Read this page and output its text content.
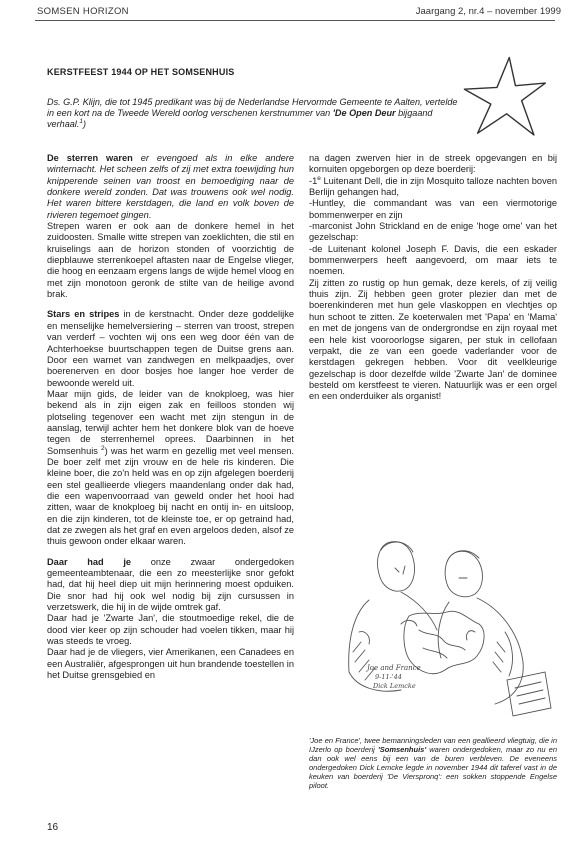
SOMSEN HORIZON	Jaargang 2, nr.4 – november 1999
KERSTFEEST 1944 OP HET SOMSENHUIS
Ds. G.P. Klijn, die tot 1945 predikant was bij de Nederlandse Hervormde Gemeente te Aalten, vertelde in een kort na de Tweede Wereld oorlog verschenen kerstnummer van 'De Open Deur bijgaand verhaal.$^1$)

De sterren waren er evengoed als in elke andere winternacht. Het scheen zelfs of zij met extra toewijding hun knipperende seinen van troost en bemoediging naar de donkere wereld zonden. Dat was trouwens ook wel nodig. Het waren bittere kerstdagen, die land en volk boven de rivieren tegemoet gingen.

Strepen waren er ook aan de donkere hemel in het zuidoosten. Smalle witte strepen van zoeklichten, die stil en kruiselings aan de horizon stonden of voorzichtig de diepblauwe sterrenkoepel aftasten naar de Engelse vlieger, die hoog en eenzaam ergens langs de wijde hemel vloog en met zijn monotoon geronk de stilte van de heilige avond brak.

Stars en stripes in de kerstnacht. Onder deze goddelijke en menselijke hemelversiering – sterren van troost, strepen van verderf – vochten wij ons een weg door één van de Achterhoekse buurtschappen tegen de Duitse grens aan. Door een warnet van zandwegen en melkpaadjes, over boerenerven en door bosjes hoe langer hoe verder de bewoonde wereld uit.

Maar mijn gids, de leider van de knokploeg, was hier bekend als in zijn eigen zak en feilloos stonden wij plotseling tegenover een wacht met zijn stengun in de aanslag, terwijl achter hem het donkere blok van de hoeve tegen de sterrenhemel oprees. Daarbinnen in het Somsenhuis $^2$) was het warm en gezellig met veel mensen. De boer zelf met zijn vrouw en de hele ris kinderen. Die kleine boer, die zo'n held was en op zijn afgelegen boerderij een stel geallieerde vliegers maandenlang onder dak had, die een wapenvoorraad van geweld onder het hooi had zitten, waar de knokploeg bij nacht en ontij in- en uitsloop, en die zijn kinderen, tot de kleinste toe, er op getraind had, dat ze zwegen als het graf en even argeloos deden, alsof ze thuis gewoon onder elkaar waren.

Daar had je onze zwaar ondergedoken gemeenteambtenaar, die een zo meesterlijke snor gefokt had, dat hij heel diep uit mijn herinnering moest opduiken. Die snor had hij ook wel nodig bij zijn cursussen in verzetswerk, die hij in de wijde omtrek gaf.

Daar had je 'Zwarte Jan', die stoutmoedige rekel, die de dood vier keer op zijn schouder had voelen tikken, maar hij was steeds te vroeg.

Daar had je de vliegers, vier Amerikanen, een Canadees en een Australiër, afgesprongen uit hun brandende toestellen in het Duitse grensgebied en

na dagen zwerven hier in de streek opgevangen en bij kornuiten opgeborgen op deze boerderij:

-1e Luitenant Dell, die in zijn Mosquito talloze nachten boven Berlijn gehangen had,

-Huntley, die commandant was van een viermotorige bommenwerper en zijn

-marconist John Strickland en de enige 'hoge ome' van het gezelschap:

-de Luitenant kolonel Joseph F. Davis, die een eskader bommenwerpers heeft aangevoerd, om maar iets te noemen.

Zij zitten zo rustig op hun gemak, deze kerels, of zij veilig thuis zijn. Zij hebben geen groter plezier dan met de boerenkinderen met hun gele vlaskoppen en vlechtjes op hun schoot te zitten. Ze koeterwalen met 'Papa' en 'Mama' en met de jongens van de ondergrondse en zijn royaal met een hele kist vooroorlogse sigaren, per stuk in cellofaan verpakt, die ze van een goede vaderlander voor de kerstdagen gekregen hebben. Voor dit veelkleurige gezelschap is door dezelfde wilde 'Zwarte Jan' de dominee besteld om kerstfeest te vieren. Natuurlijk was er een orgel en een onderduiker als organist!

Joe and France
9-11-'44
Dick Lemcke
'Joe en France', twee bemanningsleden van een geallieerd vliegtuig, die in IJzerlo op boerderij 'Somsenhuis' waren ondergedoken, maar zo nu en dan ook wel eens bij een van de buren verbleven. De eveneens ondergedoken Dick Lemcke legde in november 1944 dit taferel vast in de keuken van boerderij 'De Vierspronq': een sokken stoppende Engelse piloot.
16
